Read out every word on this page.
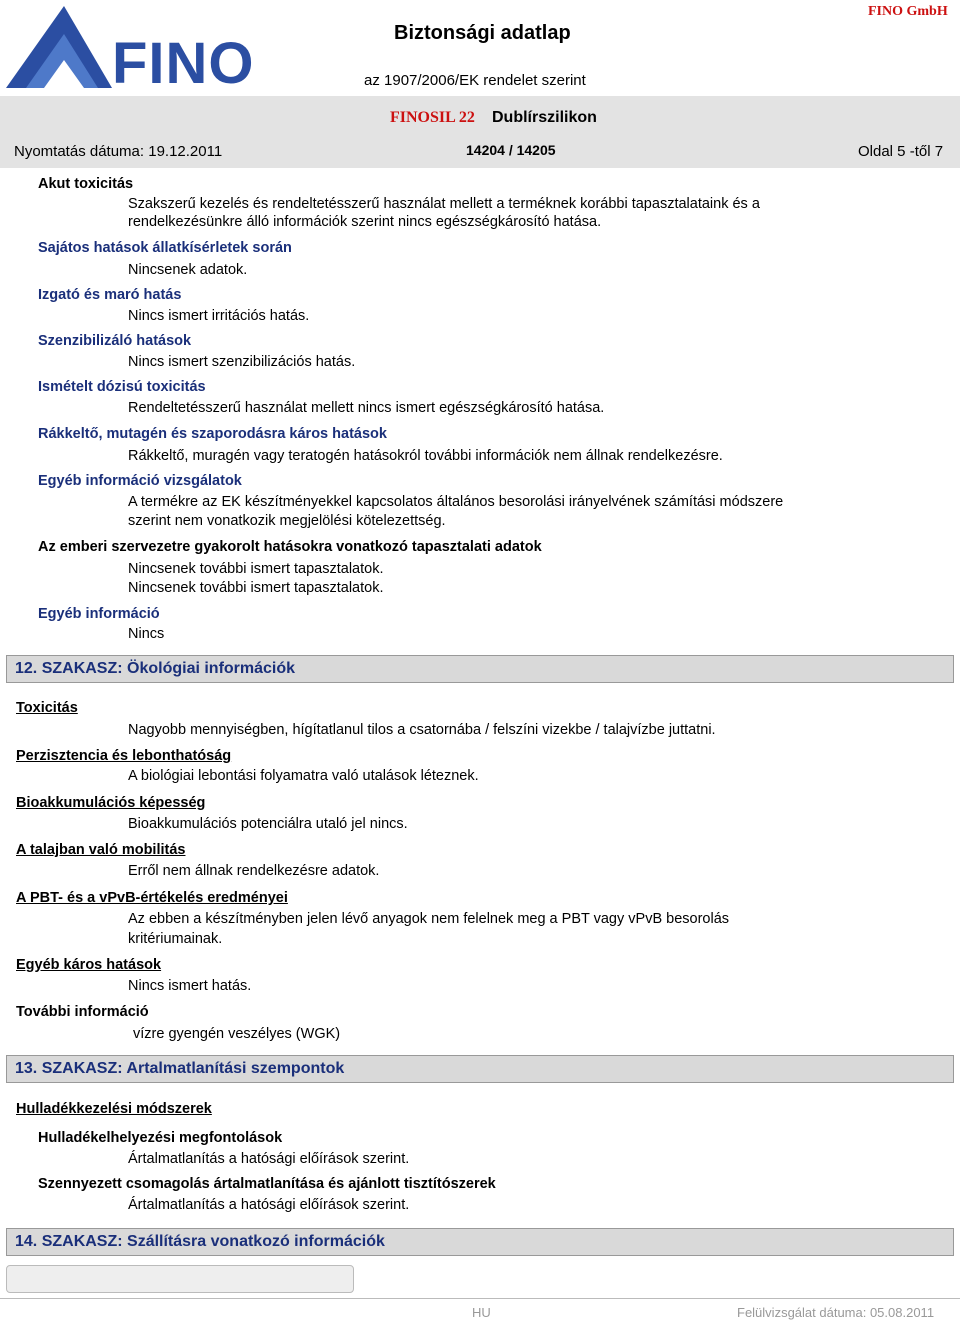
FINO	Biztonsági adatlap
FINO GmbH
az 1907/2006/EK rendelet szerint
FINOSIL 22 Dublírszilikon
Nyomtatás dátuma: 19.12.2011	14204 / 14205	Oldal 5 -től 7
Akut toxicitás
Szakszerű kezelés és rendeltetésszerű használat mellett a terméknek korábbi tapasztalataink és a
rendelkezésünkre álló információk szerint nincs egészségkárosító hatása.
Sajátos hatások állatkísérletek során
Nincsenek adatok.
Izgató és maró hatás
Nincs ismert irritációs hatás.
Szenzibilizáló hatások
Nincs ismert szenzibilizációs hatás.
Ismételt dózisú toxicitás
Rendeltetésszerű használat mellett nincs ismert egészségkárosító hatása.
Rákkeltő, mutagén és szaporodásra káros hatások
Rákkeltő, muragén vagy teratogén hatásokról további információk nem állnak rendelkezésre.
Egyéb információ vizsgálatok
A termékre az EK készítményekkel kapcsolatos általános besorolási irányelvének számítási módszere
szerint nem vonatkozik megjelölési kötelezettség.
Az emberi szervezetre gyakorolt hatásokra vonatkozó tapasztalati adatok
Nincsenek további ismert tapasztalatok.
Nincsenek további ismert tapasztalatok.
Egyéb információ
Nincs
12. SZAKASZ: Ökológiai információk
Toxicitás
Nagyobb mennyiségben, hígítatlanul tilos a csatornába / felszíni vizekbe / talajvízbe juttatni.
Perzisztencia és lebonthatóság
A biológiai lebontási folyamatra való utalások léteznek.
Bioakkumulációs képesség
Bioakkumulációs potenciálra utaló jel nincs.
A talajban való mobilitás
Erről nem állnak rendelkezésre adatok.
A PBT- és a vPvB-értékelés eredményei
Az ebben a készítményben jelen lévő anyagok nem felelnek meg a PBT vagy vPvB besorolás
kritériumainak.
Egyéb káros hatások
Nincs ismert hatás.
További információ
vízre gyengén veszélyes (WGK)
13. SZAKASZ: Artalmatlanítási szempontok
Hulladékkezelési módszerek
Hulladékelhelyezési megfontolások
Ártalmatlanítás a hatósági előírások szerint.
Szennyezett csomagolás ártalmatlanítása és ajánlott tisztítószerek
Ártalmatlanítás a hatósági előírások szerint.
14. SZAKASZ: Szállításra vonatkozó információk
HU	Felülvizsgálat dátuma: 05.08.2011
